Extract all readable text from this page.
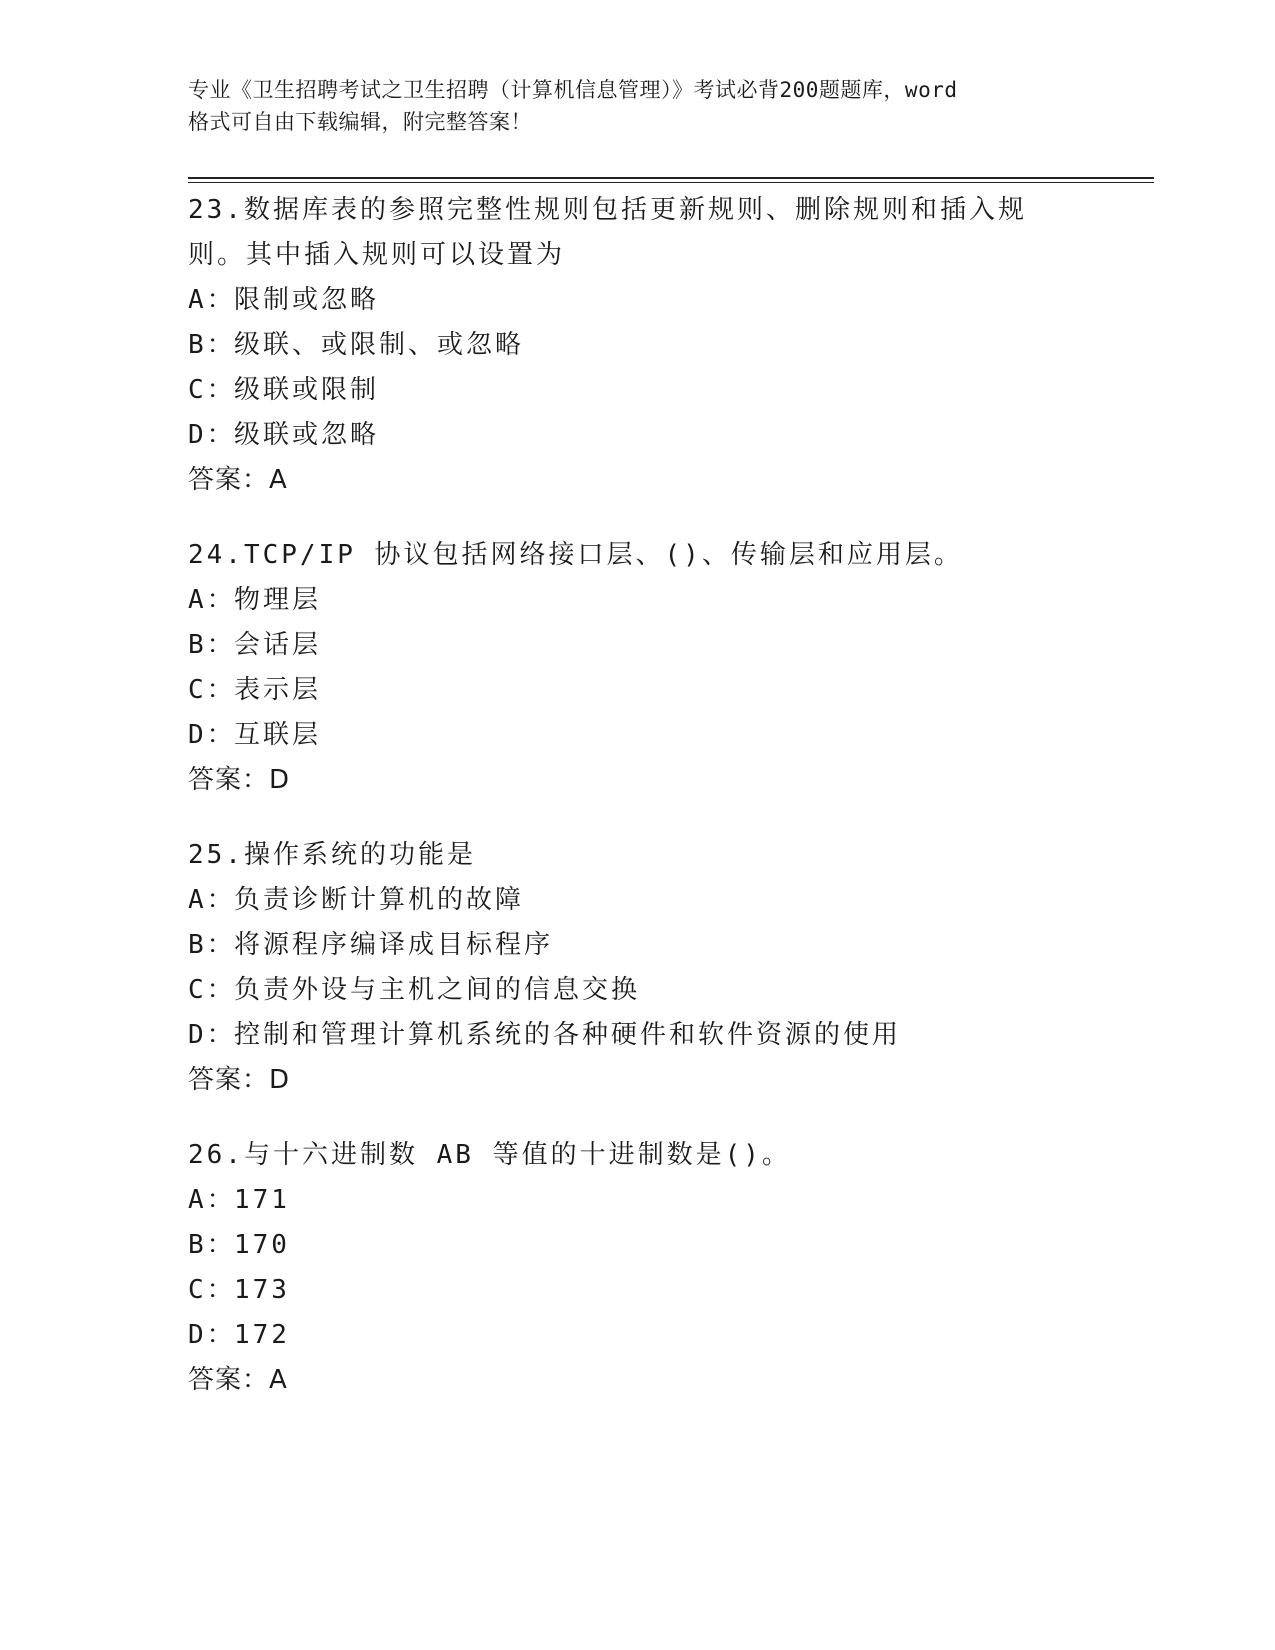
专业《卫生招聘考试之卫生招聘（计算机信息管理）》考试必背200题题库，word
格式可自由下载编辑，附完整答案！

23.数据库表的参照完整性规则包括更新规则、删除规则和插入规则。其中插入规则可以设置为

A：限制或忽略

B：级联、或限制、或忽略

C：级联或限制

D：级联或忽略

答案：A

24.TCP/IP 协议包括网络接口层、()、传输层和应用层。

A：物理层

B：会话层

C：表示层

D：互联层

答案：D

25.操作系统的功能是

A：负责诊断计算机的故障

B：将源程序编译成目标程序

C：负责外设与主机之间的信息交换

D：控制和管理计算机系统的各种硬件和软件资源的使用

答案：D

26.与十六进制数 AB 等值的十进制数是()。

A：171

B：170

C：173

D：172

答案：A
